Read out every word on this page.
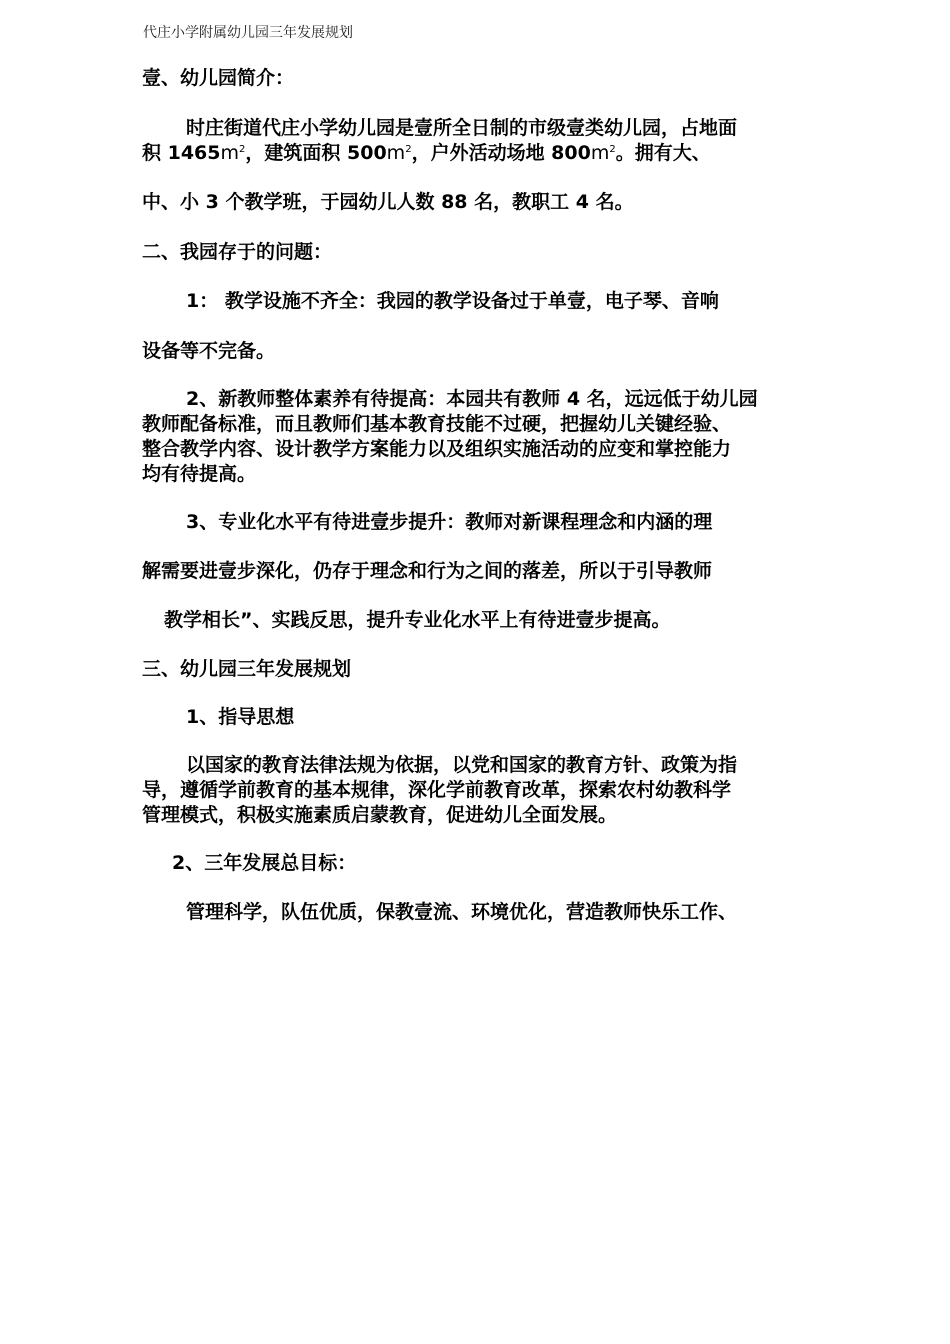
代庄小学附属幼儿园三年发展规划
壹、幼儿园简介：
时庄街道代庄小学幼儿园是壹所全日制的市级壹类幼儿园，占地面
积 $1465m^2$，建筑面积 $500m^2$，户外活动场地 $800m^2$。拥有大、
中、小 3 个教学班，于园幼儿人数 88 名，教职工 4 名。
二、我园存于的问题：
1： 教学设施不齐全：我园的教学设备过于单壹，电子琴、音响
设备等不完备。
2、新教师整体素养有待提高：本园共有教师 4 名，远远低于幼儿园
教师配备标准，而且教师们基本教育技能不过硬，把握幼儿关键经验、
整合教学内容、设计教学方案能力以及组织实施活动的应变和掌控能力
均有待提高。
3、专业化水平有待进壹步提升：教师对新课程理念和内涵的理
解需要进壹步深化，仍存于理念和行为之间的落差，所以于引导教师
教学相长”、实践反思，提升专业化水平上有待进壹步提高。
三、幼儿园三年发展规划
1、指导思想
以国家的教育法律法规为依据，以党和国家的教育方针、政策为指
导，遵循学前教育的基本规律，深化学前教育改革，探索农村幼教科学
管理模式，积极实施素质启蒙教育，促进幼儿全面发展。
2、三年发展总目标：
管理科学，队伍优质，保教壹流、环境优化，营造教师快乐工作、
